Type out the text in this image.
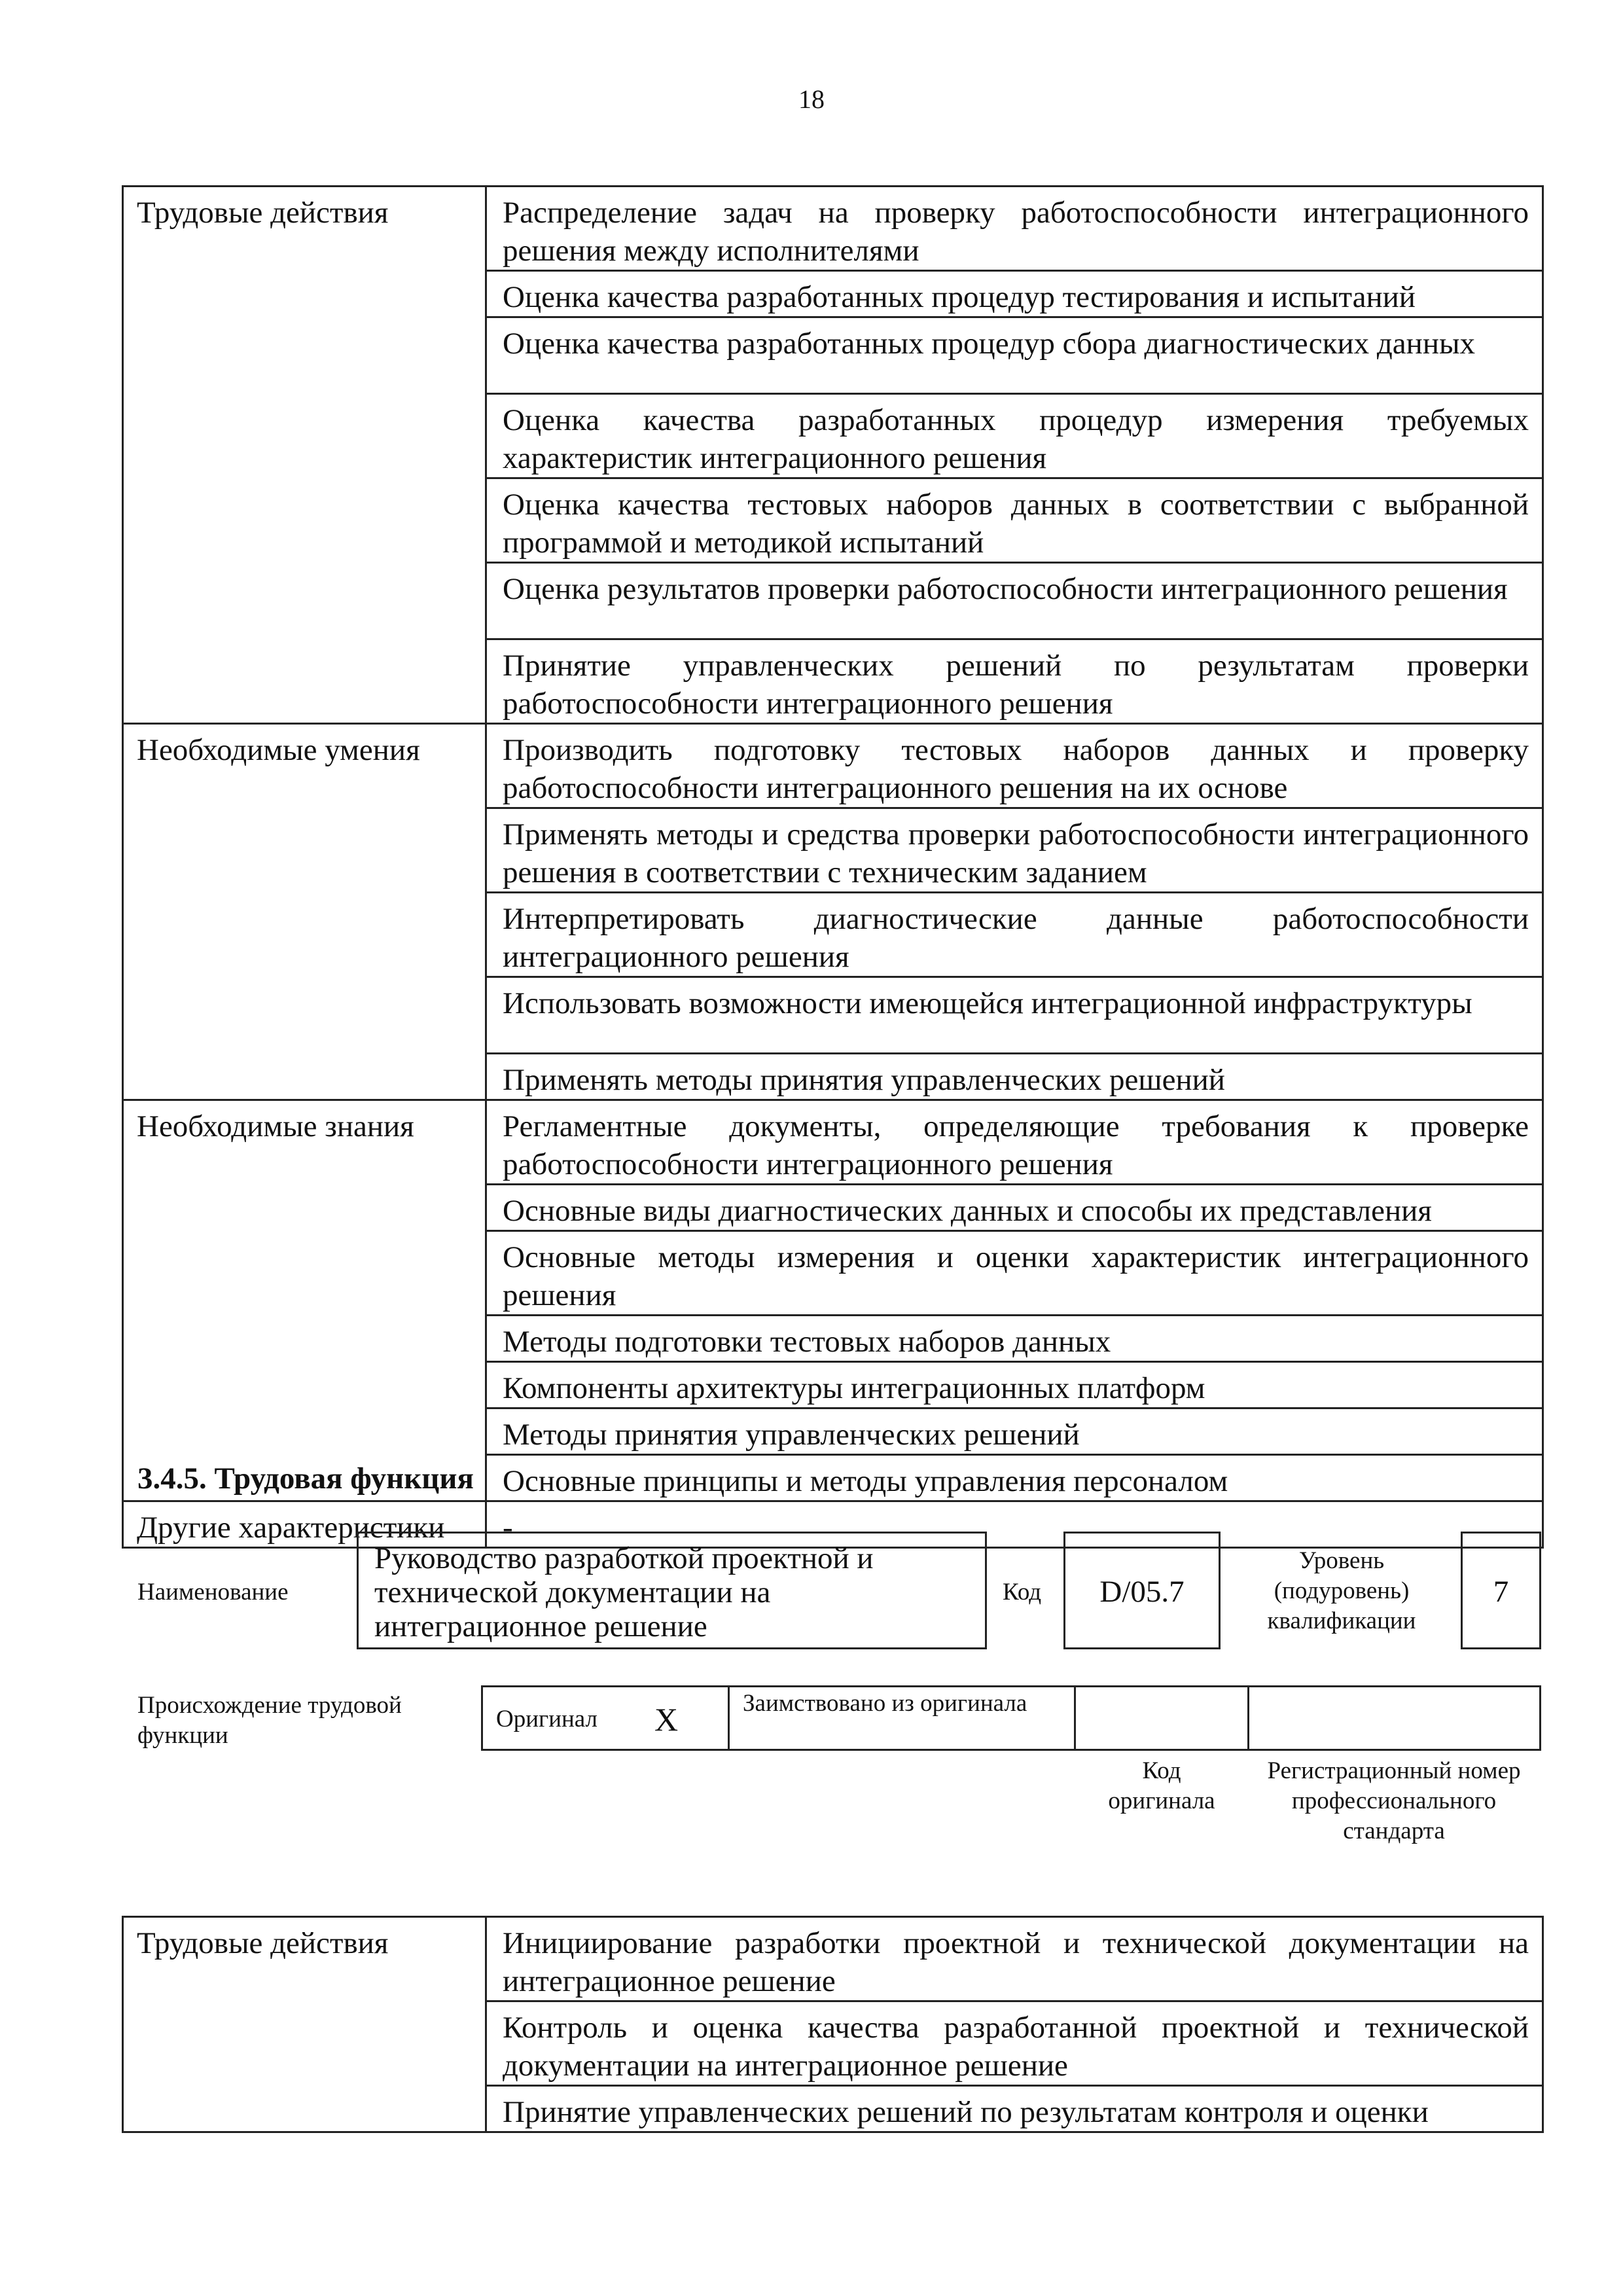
18
Трудовые действия	Распределение задач на проверку работоспособности интеграционного решения между исполнителями
	Оценка качества разработанных процедур тестирования и испытаний
	Оценка качества разработанных процедур сбора диагностических данных
	Оценка качества разработанных процедур измерения требуемых характеристик интеграционного решения
	Оценка качества тестовых наборов данных в соответствии с выбранной программой и методикой испытаний
	Оценка результатов проверки работоспособности интеграционного решения
	Принятие управленческих решений по результатам проверки работоспособности интеграционного решения
Необходимые умения	Производить подготовку тестовых наборов данных и проверку работоспособности интеграционного решения на их основе
	Применять методы и средства проверки работоспособности интеграционного решения в соответствии с техническим заданием
	Интерпретировать диагностические данные работоспособности интеграционного решения
	Использовать возможности имеющейся интеграционной инфраструктуры
	Применять методы принятия управленческих решений
Необходимые знания	Регламентные документы, определяющие требования к проверке работоспособности интеграционного решения
	Основные виды диагностических данных и способы их представления
	Основные методы измерения и оценки характеристик интеграционного решения
	Методы подготовки тестовых наборов данных
	Компоненты архитектуры интеграционных платформ
	Методы принятия управленческих решений
	Основные принципы и методы управления персоналом
Другие характеристики	-
3.4.5. Трудовая функция
Наименование
Руководство разработкой проектной и технической документации на интеграционное решение
Код	D/05.7
Уровень (подуровень) квалификации
7
Происхождение трудовой функции
Оригинал X	Заимствовано из оригинала
Код оригинала
Регистрационный номер профессионального стандарта
Трудовые действия	Инициирование разработки проектной и технической документации на интеграционное решение
Контроль и оценка качества разработанной проектной и технической документации на интеграционное решение
Принятие управленческих решений по результатам контроля и оценки
